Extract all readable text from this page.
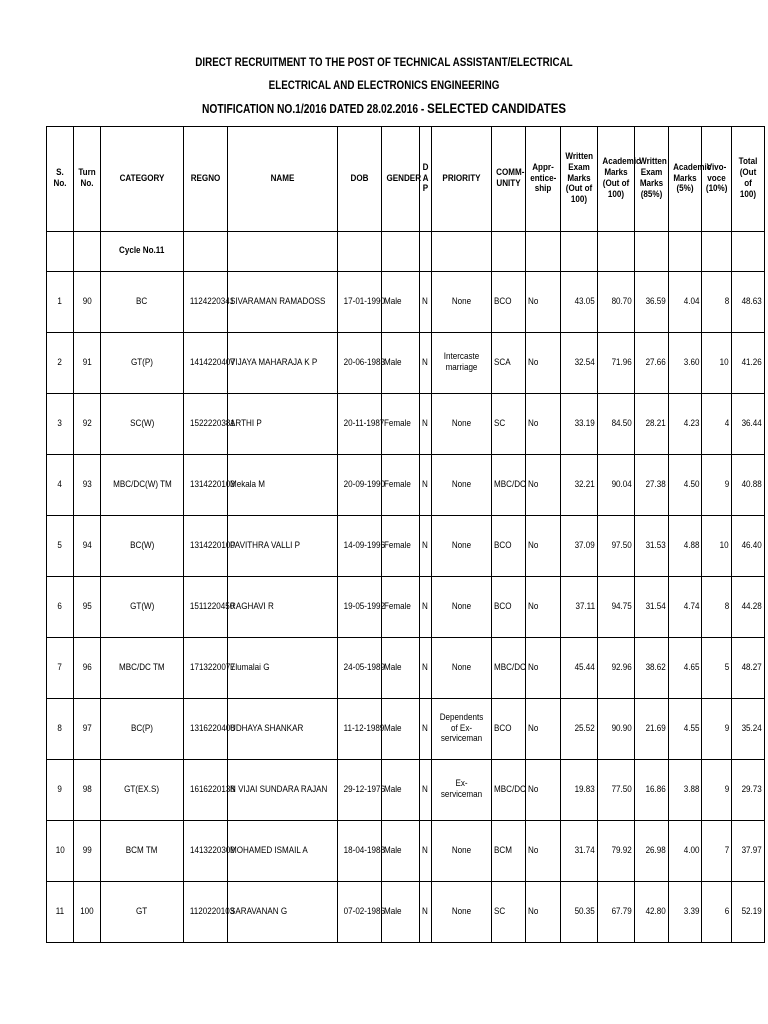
DIRECT RECRUITMENT TO THE POST OF TECHNICAL ASSISTANT/ELECTRICAL
ELECTRICAL AND ELECTRONICS ENGINEERING
NOTIFICATION NO.1/2016 DATED 28.02.2016 - SELECTED CANDIDATES
S. No.	Turn No.	CATEGORY	REGNO	NAME	DOB	GENDER	D A P	PRIORITY	COMM-UNITY	Appr-entice-ship	Written Exam Marks (Out of 100)	Academic Marks (Out of 100)	Written Exam Marks (85%)	Academic Marks (5%)	Vivo-voce (10%)	Total (Out of 100)

		Cycle No.11														
1	90	BC	1124220341	SIVARAMAN RAMADOSS	17-01-1990	Male	N	None	BCO	No	43.05	80.70	36.59	4.04	8	48.63
2	91	GT(P)	1414220407	VIJAYA MAHARAJA K P	20-06-1983	Male	N	Intercaste marriage	SCA	No	32.54	71.96	27.66	3.60	10	41.26
3	92	SC(W)	1522220381	ARTHI P	20-11-1987	Female	N	None	SC	No	33.19	84.50	28.21	4.23	4	36.44
4	93	MBC/DC(W) TM	1314220103	Mekala M	20-09-1990	Female	N	None	MBC/DC	No	32.21	90.04	27.38	4.50	9	40.88
5	94	BC(W)	1314220100	PAVITHRA VALLI P	14-09-1996	Female	N	None	BCO	No	37.09	97.50	31.53	4.88	10	46.40
6	95	GT(W)	1511220450	RAGHAVI R	19-05-1992	Female	N	None	BCO	No	37.11	94.75	31.54	4.74	8	44.28
7	96	MBC/DC TM	1713220077	Elumalai G	24-05-1989	Male	N	None	MBC/DC	No	45.44	92.96	38.62	4.65	5	48.27
8	97	BC(P)	1316220408	UDHAYA SHANKAR	11-12-1989	Male	N	Dependents of Ex-serviceman	BCO	No	25.52	90.90	21.69	4.55	9	35.24
9	98	GT(EX.S)	1616220138	N VIJAI SUNDARA RAJAN	29-12-1976	Male	N	Ex-serviceman	MBC/DC	No	19.83	77.50	16.86	3.88	9	29.73
10	99	BCM TM	1413220309	MOHAMED ISMAIL A	18-04-1988	Male	N	None	BCM	No	31.74	79.92	26.98	4.00	7	37.97
11	100	GT	1120220103	SARAVANAN G	07-02-1986	Male	N	None	SC	No	50.35	67.79	42.80	3.39	6	52.19
